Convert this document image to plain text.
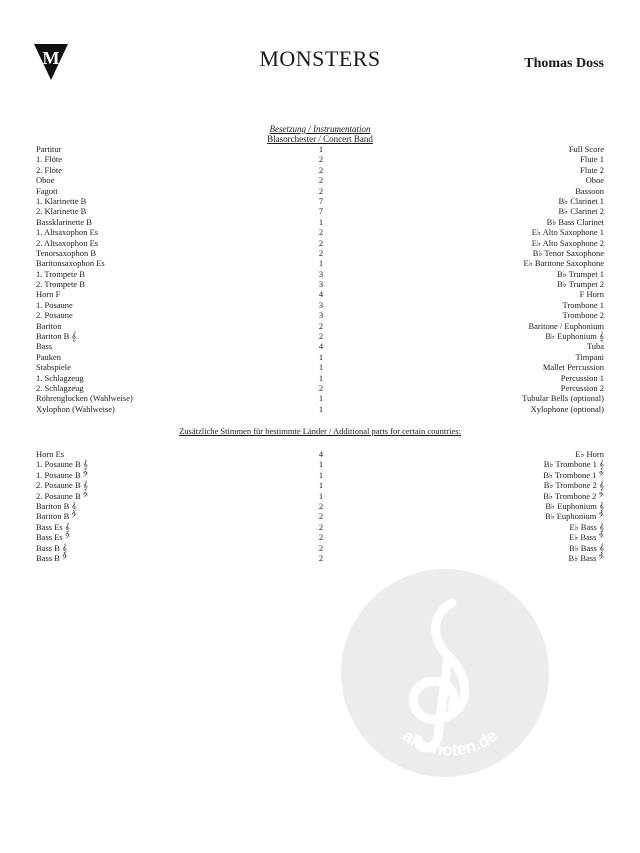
M	MONSTERS	Thomas Doss
Besetzung / Instrumentation
Blasorchester / Concert Band
Partitur	1	Full Score
1. Flöte	2	Flute 1
2. Flöte	2	Flute 2
Oboe	2	Oboe
Fagott	2	Bassoon
1. Klarinette B	7	B♭ Clarinet 1
2. Klarinette B	7	B♭ Clarinet 2
Bassklarinette B	1	B♭ Bass Clarinet
1. Altsaxophon Es	2	E♭ Alto Saxophone 1
2. Altsaxophon Es	2	E♭ Alto Saxophone 2
Tenorsaxophon B	2	B♭ Tenor Saxophone
Baritonsaxophon Es	1	E♭ Baritone Saxophone
1. Trompete B	3	B♭ Trumpet 1
2. Trompete B	3	B♭ Trumpet 2
Horn F	4	F Horn
1. Posaune	3	Trombone 1
2. Posaune	3	Trombone 2
Bariton	2	Baritone / Euphonium
Bariton B 𝄞	2	B♭ Euphonium 𝄞
Bass	4	Tuba
Pauken	1	Timpani
Stabspiele	1	Mallet Percussion
1. Schlagzeug	1	Percussion 1
2. Schlagzeug	2	Percussion 2
Röhrenglocken (Wahlweise)	1	Tubular Bells (optional)
Xylophon (Wahlweise)	1	Xylophone (optional)
Zusätzliche Stimmen für bestimmte Länder / Additional parts for certain countries:
Horn Es	4	E♭ Horn
1. Posaune B 𝄞	1	B♭ Trombone 1 𝄞
1. Posaune B 𝄢	1	B♭ Trombone 1 𝄢
2. Posaune B 𝄞	1	B♭ Trombone 2 𝄞
2. Posaune B 𝄢	1	B♭ Trombone 2 𝄢
Bariton B 𝄞	2	B♭ Euphonium 𝄞
Bariton B 𝄢	2	B♭ Euphonium 𝄢
Bass Es 𝄞	2	E♭ Bass 𝄞
Bass Es 𝄢	2	E♭ Bass 𝄢
Bass B 𝄞	2	B♭ Bass 𝄞
Bass B 𝄢	2	B♭ Bass 𝄢
alle-noten.de
